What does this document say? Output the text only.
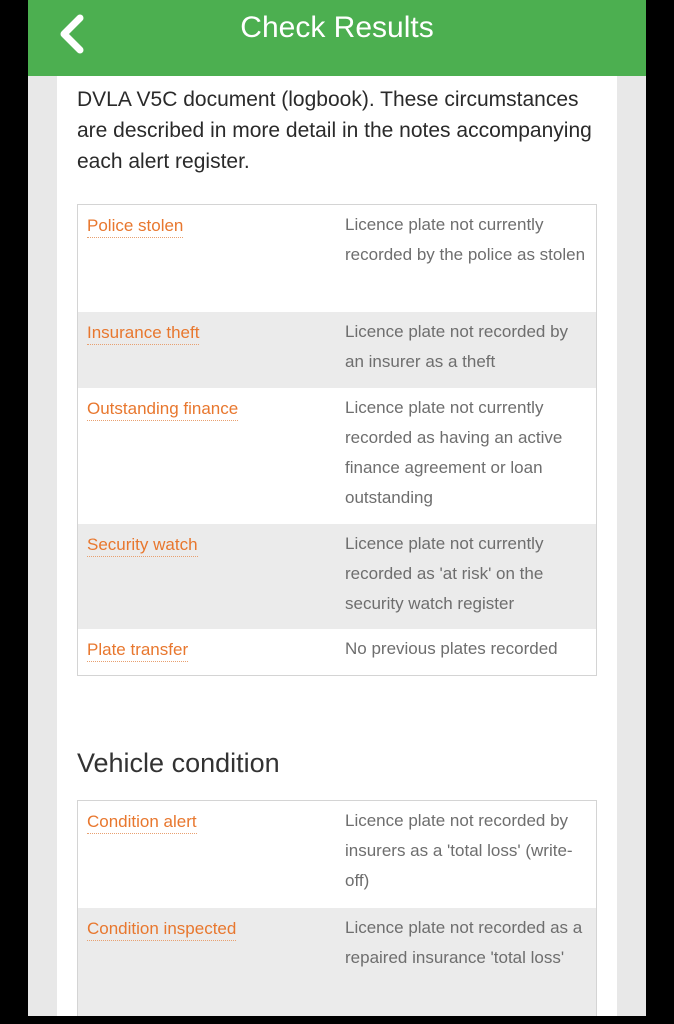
Check Results
DVLA V5C document (logbook). These circumstances are described in more detail in the notes accompanying each alert register.
Police stolen	Licence plate not currently recorded by the police as stolen
Insurance theft	Licence plate not recorded by an insurer as a theft
Outstanding finance	Licence plate not currently recorded as having an active finance agreement or loan outstanding
Security watch	Licence plate not currently recorded as 'at risk' on the security watch register
Plate transfer	No previous plates recorded
Vehicle condition
Condition alert	Licence plate not recorded by insurers as a 'total loss' (write-off)
Condition inspected	Licence plate not recorded as a repaired insurance 'total loss'
